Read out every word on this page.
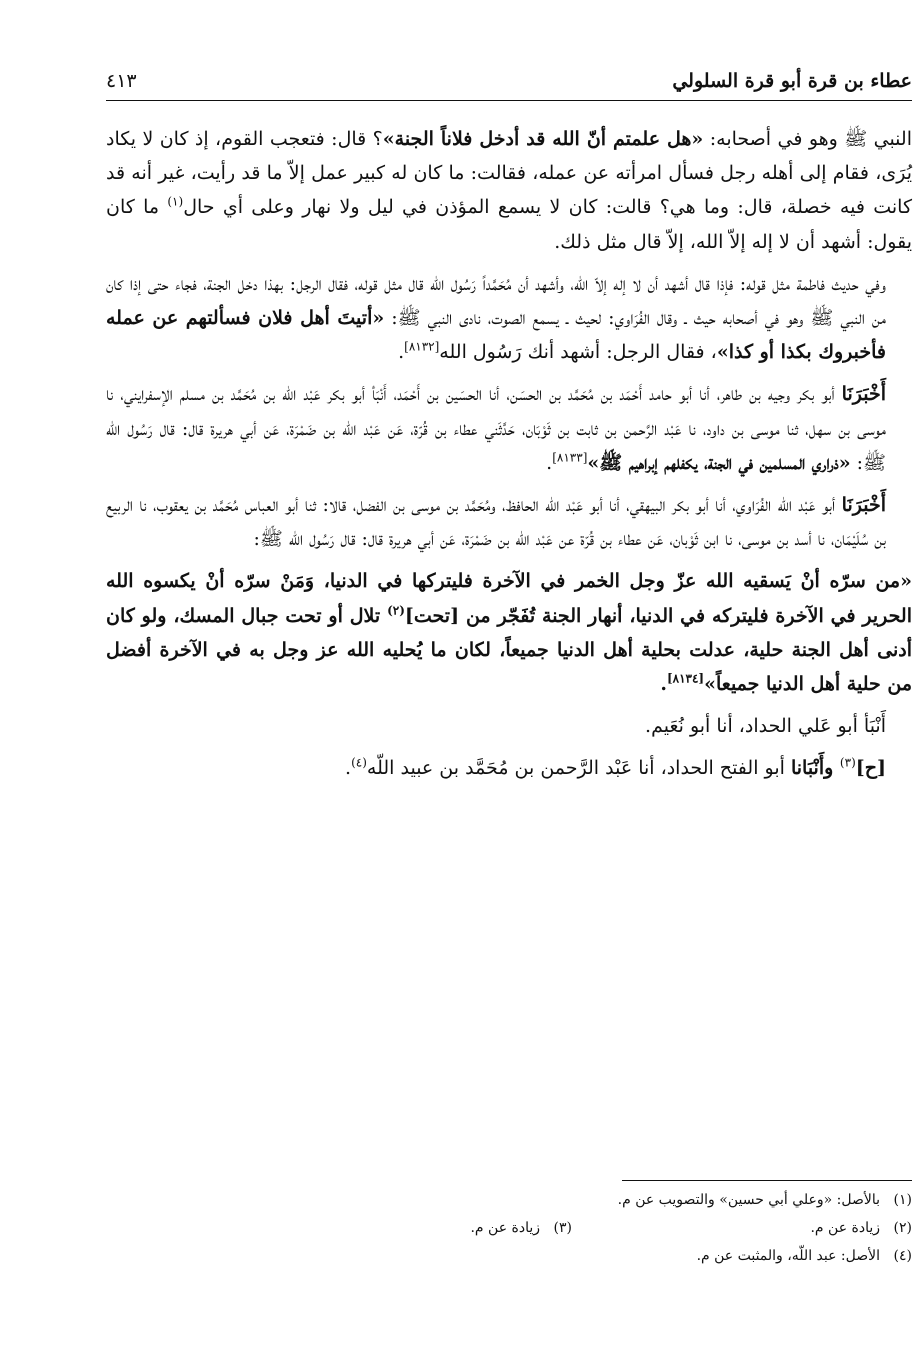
عطاء بن قرة أبو قرة السلولي
٤١٣

النبي ﷺ وهو في أصحابه: «هل علمتم أنّ الله قد أدخل فلاناً الجنة»؟ قال: فتعجب القوم، إذ كان لا يكاد يُرَى، فقام إلى أهله رجل فسأل امرأته عن عمله، فقالت: ما كان له كبير عمل إلاّ ما قد رأيت، غير أنه قد كانت فيه خصلة، قال: وما هي؟ قالت: كان لا يسمع المؤذن في ليل ولا نهار وعلى أي حال$^{(١)}$ ما كان يقول: أشهد أن لا إله إلاّ الله، إلاّ قال مثل ذلك.

وفي حديث فاطمة مثل قوله: فإذا قال أشهد أن لا إله إلاّ الله، وأشهد أن مُحَمَّداً رَسُول الله قال مثل قوله، فقال الرجل: بهذا دخل الجنة، فجاء حتى إذا كان من النبي ﷺ وهو في أصحابه حيث ـ وقال الفُرَاوي: لحيث ـ يسمع الصوت، نادى النبي ﷺ: «أتيتَ أهل فلان فسألتهم عن عمله فأخبروك بكذا أو كذا»، فقال الرجل: أشهد أنك رَسُول الله[٨١٣٢].

أَخْبَرَنَا أبو بكر وجيه بن طاهر، أنا أبو حامد أَحْمَد بن مُحَمَّد بن الحسَن، أنا الحسَين بن أَحْمَد، أَنْبَأ أبو بكر عَبْد اللّه بن مُحَمَّد بن مسلم الإسفرايني، نا موسى بن سهل، ثنا موسى بن داود، نا عَبْد الرَّحمن بن ثابت بن ثَوْبَان، حَدَّثَني عطاء بن قُرّة، عَن عَبْد اللّه بن ضَمْرَة، عَن أبي هريرة قال: قال رَسُول الله ﷺ: «ذراري المسلمين في الجنة، يكفلهم إبراهيم ﷺ»[٨١٣٣].

أَخْبَرَنَا أبو عَبْد اللّه الفُرَاوي، أنا أبو بكر البيهقي، أنا أبو عَبْد اللّه الحافظ، ومُحَمَّد بن موسى بن الفضل، قالا: ثنا أبو العباس مُحَمَّد بن يعقوب، نا الربيع بن سُلَيْمَان، نا أسد بن موسى، نا ابن ثَوْبان، عَن عطاء بن قُرّة عن عَبْد اللّه بن ضَمْرَة، عَن أبي هريرة قال: قال رَسُول الله ﷺ:

«من سرّه أنْ يَسقيه الله عزّ وجل الخمر في الآخرة فليتركها في الدنيا، وَمَنْ سرّه أنْ يكسوه الله الحرير في الآخرة فليتركه في الدنيا، أنهار الجنة تُفَجّر من [تحت]$^{(٢)}$ تلال أو تحت جبال المسك، ولو كان أدنى أهل الجنة حلية، عدلت بحلية أهل الدنيا جميعاً، لكان ما يُحليه الله عز وجل به في الآخرة أفضل من حلية أهل الدنيا جميعاً»[٨١٣٤].

أَنْبَأ أبو عَلي الحداد، أنا أبو نُعَيم.

[ح]$^{(٣)}$ وأَنْبَانا أبو الفتح الحداد، أنا عَبْد الرَّحمن بن مُحَمَّد بن عبيد اللّه$^{(٤)}$.

(١)بالأصل: «وعلي أبي حسين» والتصويب عن م.
(٢)زيادة عن م.
(٣)زيادة عن م.
(٤)الأصل: عبد اللّه، والمثبت عن م.
